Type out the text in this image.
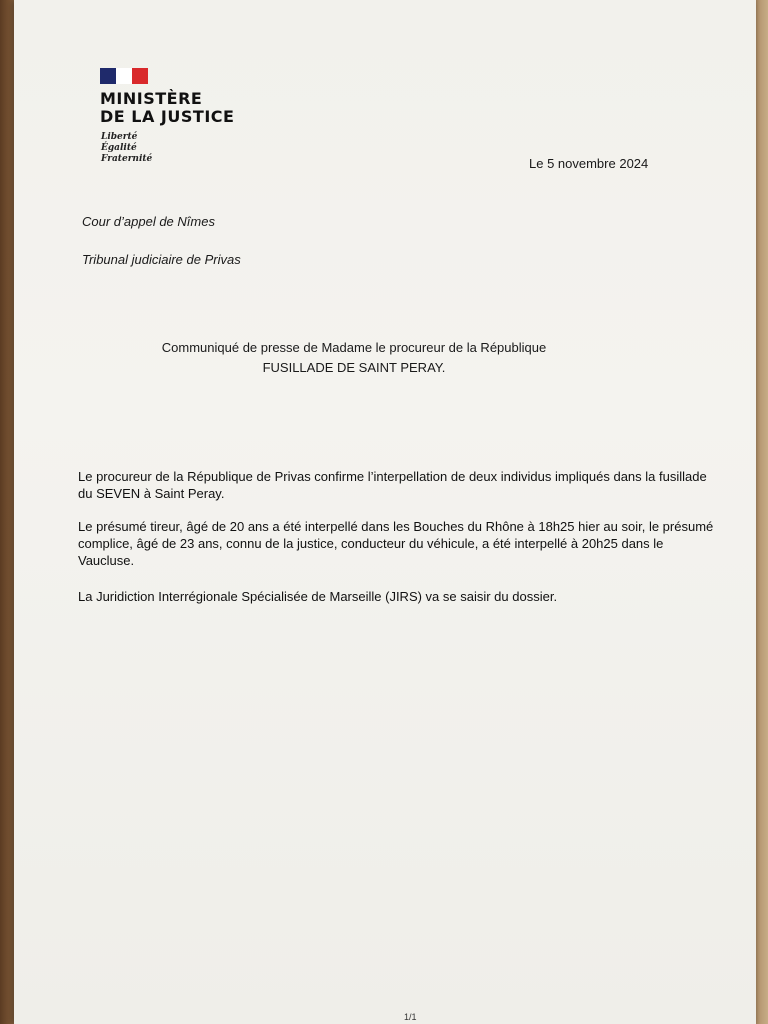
MINISTÈRE
DE LA JUSTICE
Liberté
Égalité
Fraternité	Le 5 novembre 2024
Cour d’appel de Nîmes
Tribunal judiciaire de Privas
Communiqué de presse de Madame le procureur de la République
FUSILLADE DE SAINT PERAY.
Le procureur de la République de Privas confirme l’interpellation de deux individus impliqués dans la fusillade du SEVEN à Saint Peray.
Le présumé tireur, âgé de 20 ans a été interpellé dans les Bouches du Rhône à 18h25 hier au soir, le présumé complice, âgé de 23 ans, connu de la justice, conducteur du véhicule, a été interpellé à 20h25 dans le Vaucluse.
La Juridiction Interrégionale Spécialisée de Marseille (JIRS) va se saisir du dossier.
1/1
